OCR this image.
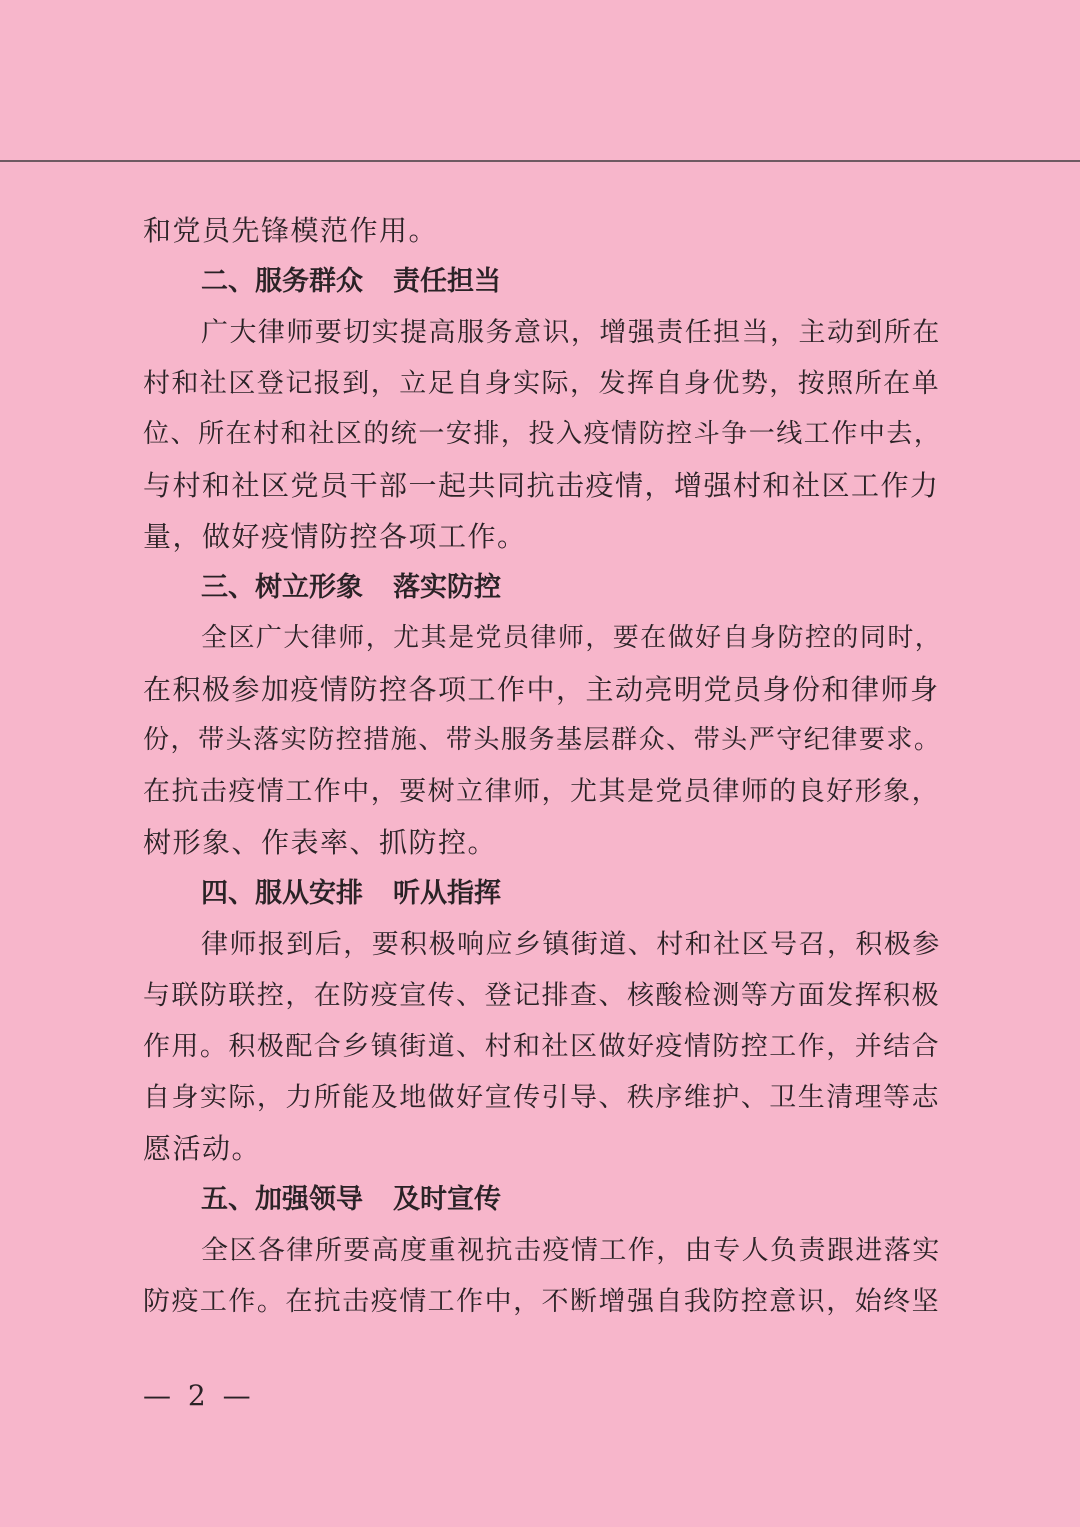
和党员先锋模范作用。
二、服务群众 责任担当
广大律师要切实提高服务意识，增强责任担当，主动到所在
村和社区登记报到，立足自身实际，发挥自身优势，按照所在单
位、所在村和社区的统一安排，投入疫情防控斗争一线工作中去，
与村和社区党员干部一起共同抗击疫情，增强村和社区工作力
量，做好疫情防控各项工作。
三、树立形象 落实防控
全区广大律师，尤其是党员律师，要在做好自身防控的同时，
在积极参加疫情防控各项工作中，主动亮明党员身份和律师身
份，带头落实防控措施、带头服务基层群众、带头严守纪律要求。
在抗击疫情工作中，要树立律师，尤其是党员律师的良好形象，
树形象、作表率、抓防控。
四、服从安排 听从指挥
律师报到后，要积极响应乡镇街道、村和社区号召，积极参
与联防联控，在防疫宣传、登记排查、核酸检测等方面发挥积极
作用。积极配合乡镇街道、村和社区做好疫情防控工作，并结合
自身实际，力所能及地做好宣传引导、秩序维护、卫生清理等志
愿活动。
五、加强领导 及时宣传
全区各律所要高度重视抗击疫情工作，由专人负责跟进落实
防疫工作。在抗击疫情工作中，不断增强自我防控意识，始终坚
— 2 —
